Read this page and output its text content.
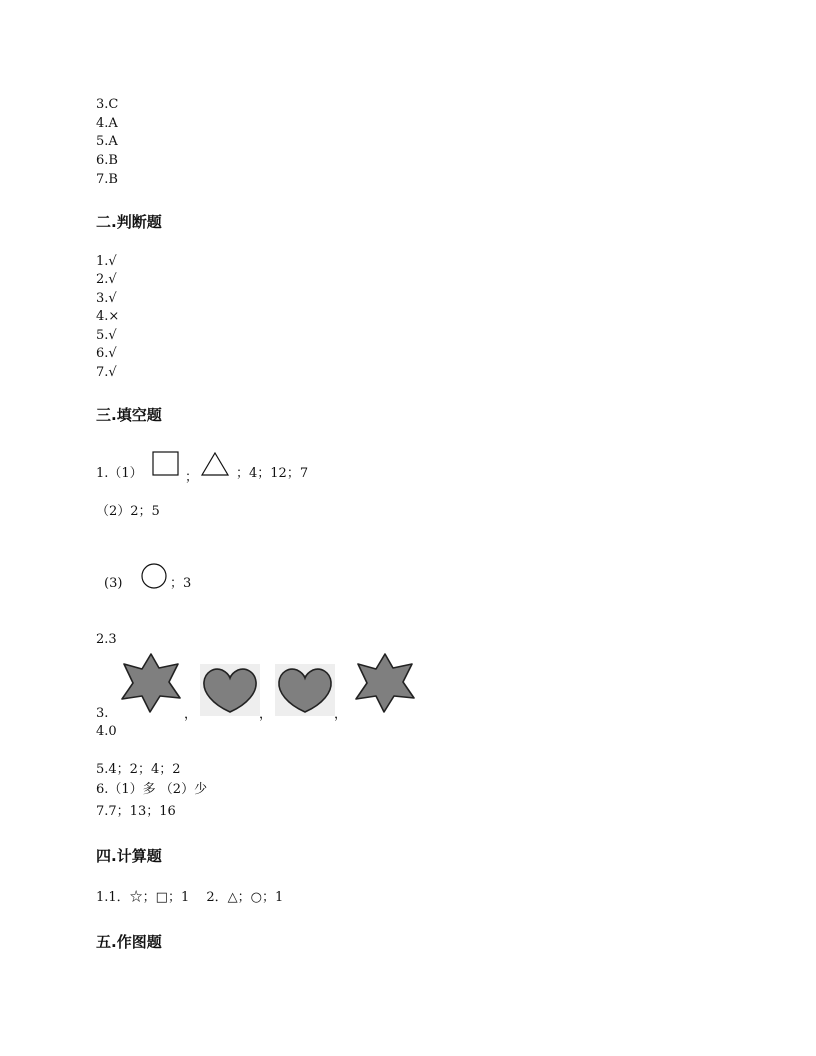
3.C
4.A
5.A
6.B
7.B
二.判断题
1.√
2.√
3.√
4.×
5.√
6.√
7.√
三.填空题
1.（1）	；	；4；12；7
（2）2；5
(3)	；3
2.3
，	，	，
3.
4.0
5.4；2；4；2
6.（1）多 （2）少
7.7；13；16
四.计算题
1.1．☆；□；1　 2．△；○；1
五.作图题
